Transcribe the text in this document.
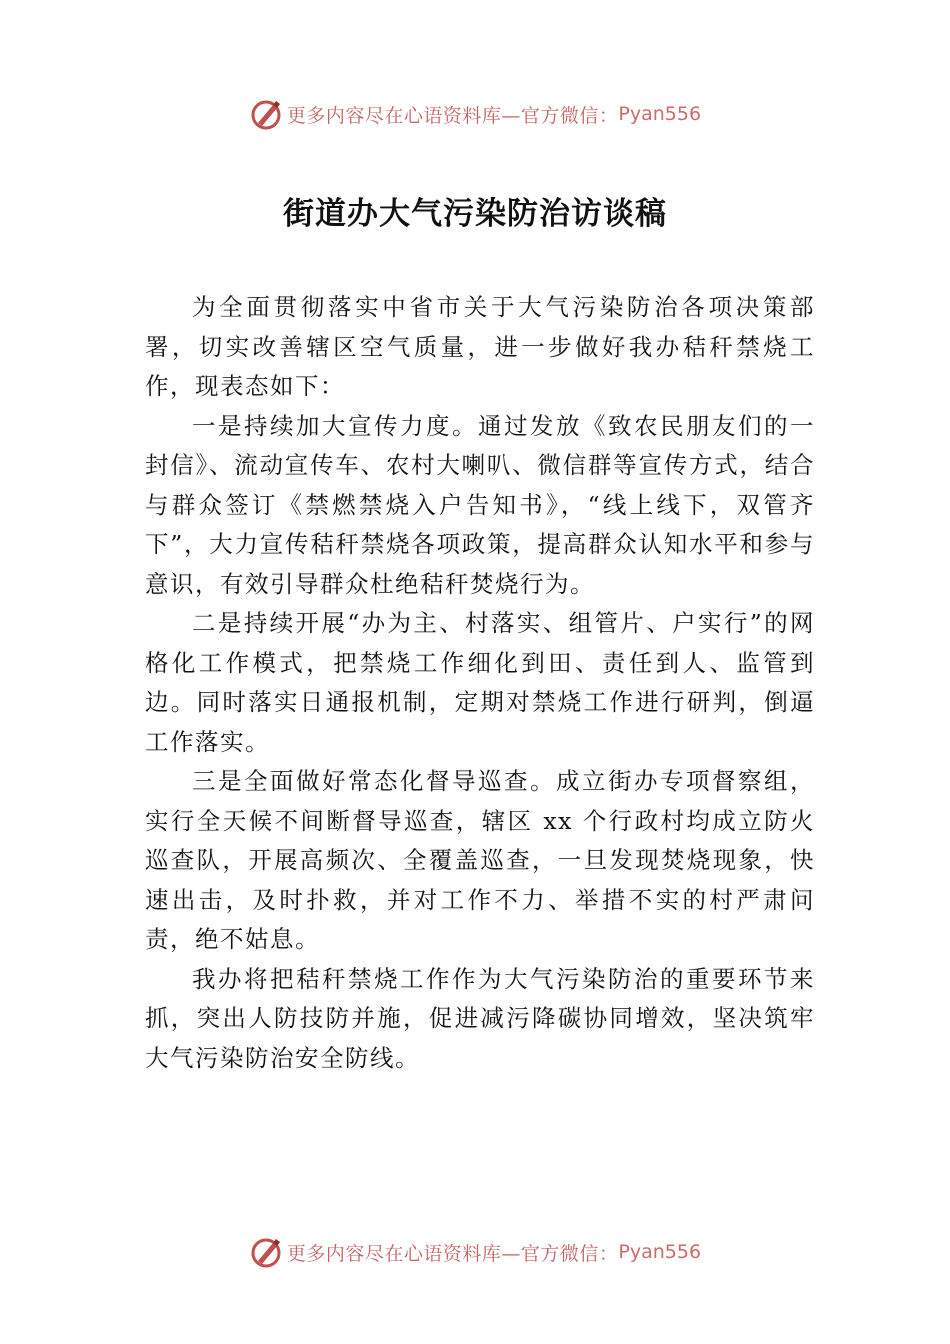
更多内容尽在心语资料库—官方微信： Pyan556
街道办大气污染防治访谈稿

为全面贯彻落实中省市关于大气污染防治各项决策部署，切实改善辖区空气质量，进一步做好我办秸秆禁烧工作，现表态如下：

一是持续加大宣传力度。通过发放《致农民朋友们的一封信》、流动宣传车、农村大喇叭、微信群等宣传方式，结合与群众签订《禁燃禁烧入户告知书》，“线上线下，双管齐下”，大力宣传秸秆禁烧各项政策，提高群众认知水平和参与意识，有效引导群众杜绝秸秆焚烧行为。

二是持续开展“办为主、村落实、组管片、户实行”的网格化工作模式，把禁烧工作细化到田、责任到人、监管到边。同时落实日通报机制，定期对禁烧工作进行研判，倒逼工作落实。

三是全面做好常态化督导巡查。成立街办专项督察组，实行全天候不间断督导巡查，辖区 xx 个行政村均成立防火巡查队，开展高频次、全覆盖巡查，一旦发现焚烧现象，快速出击，及时扑救，并对工作不力、举措不实的村严肃问责，绝不姑息。

我办将把秸秆禁烧工作作为大气污染防治的重要环节来抓，突出人防技防并施，促进减污降碳协同增效，坚决筑牢大气污染防治安全防线。

更多内容尽在心语资料库—官方微信： Pyan556
